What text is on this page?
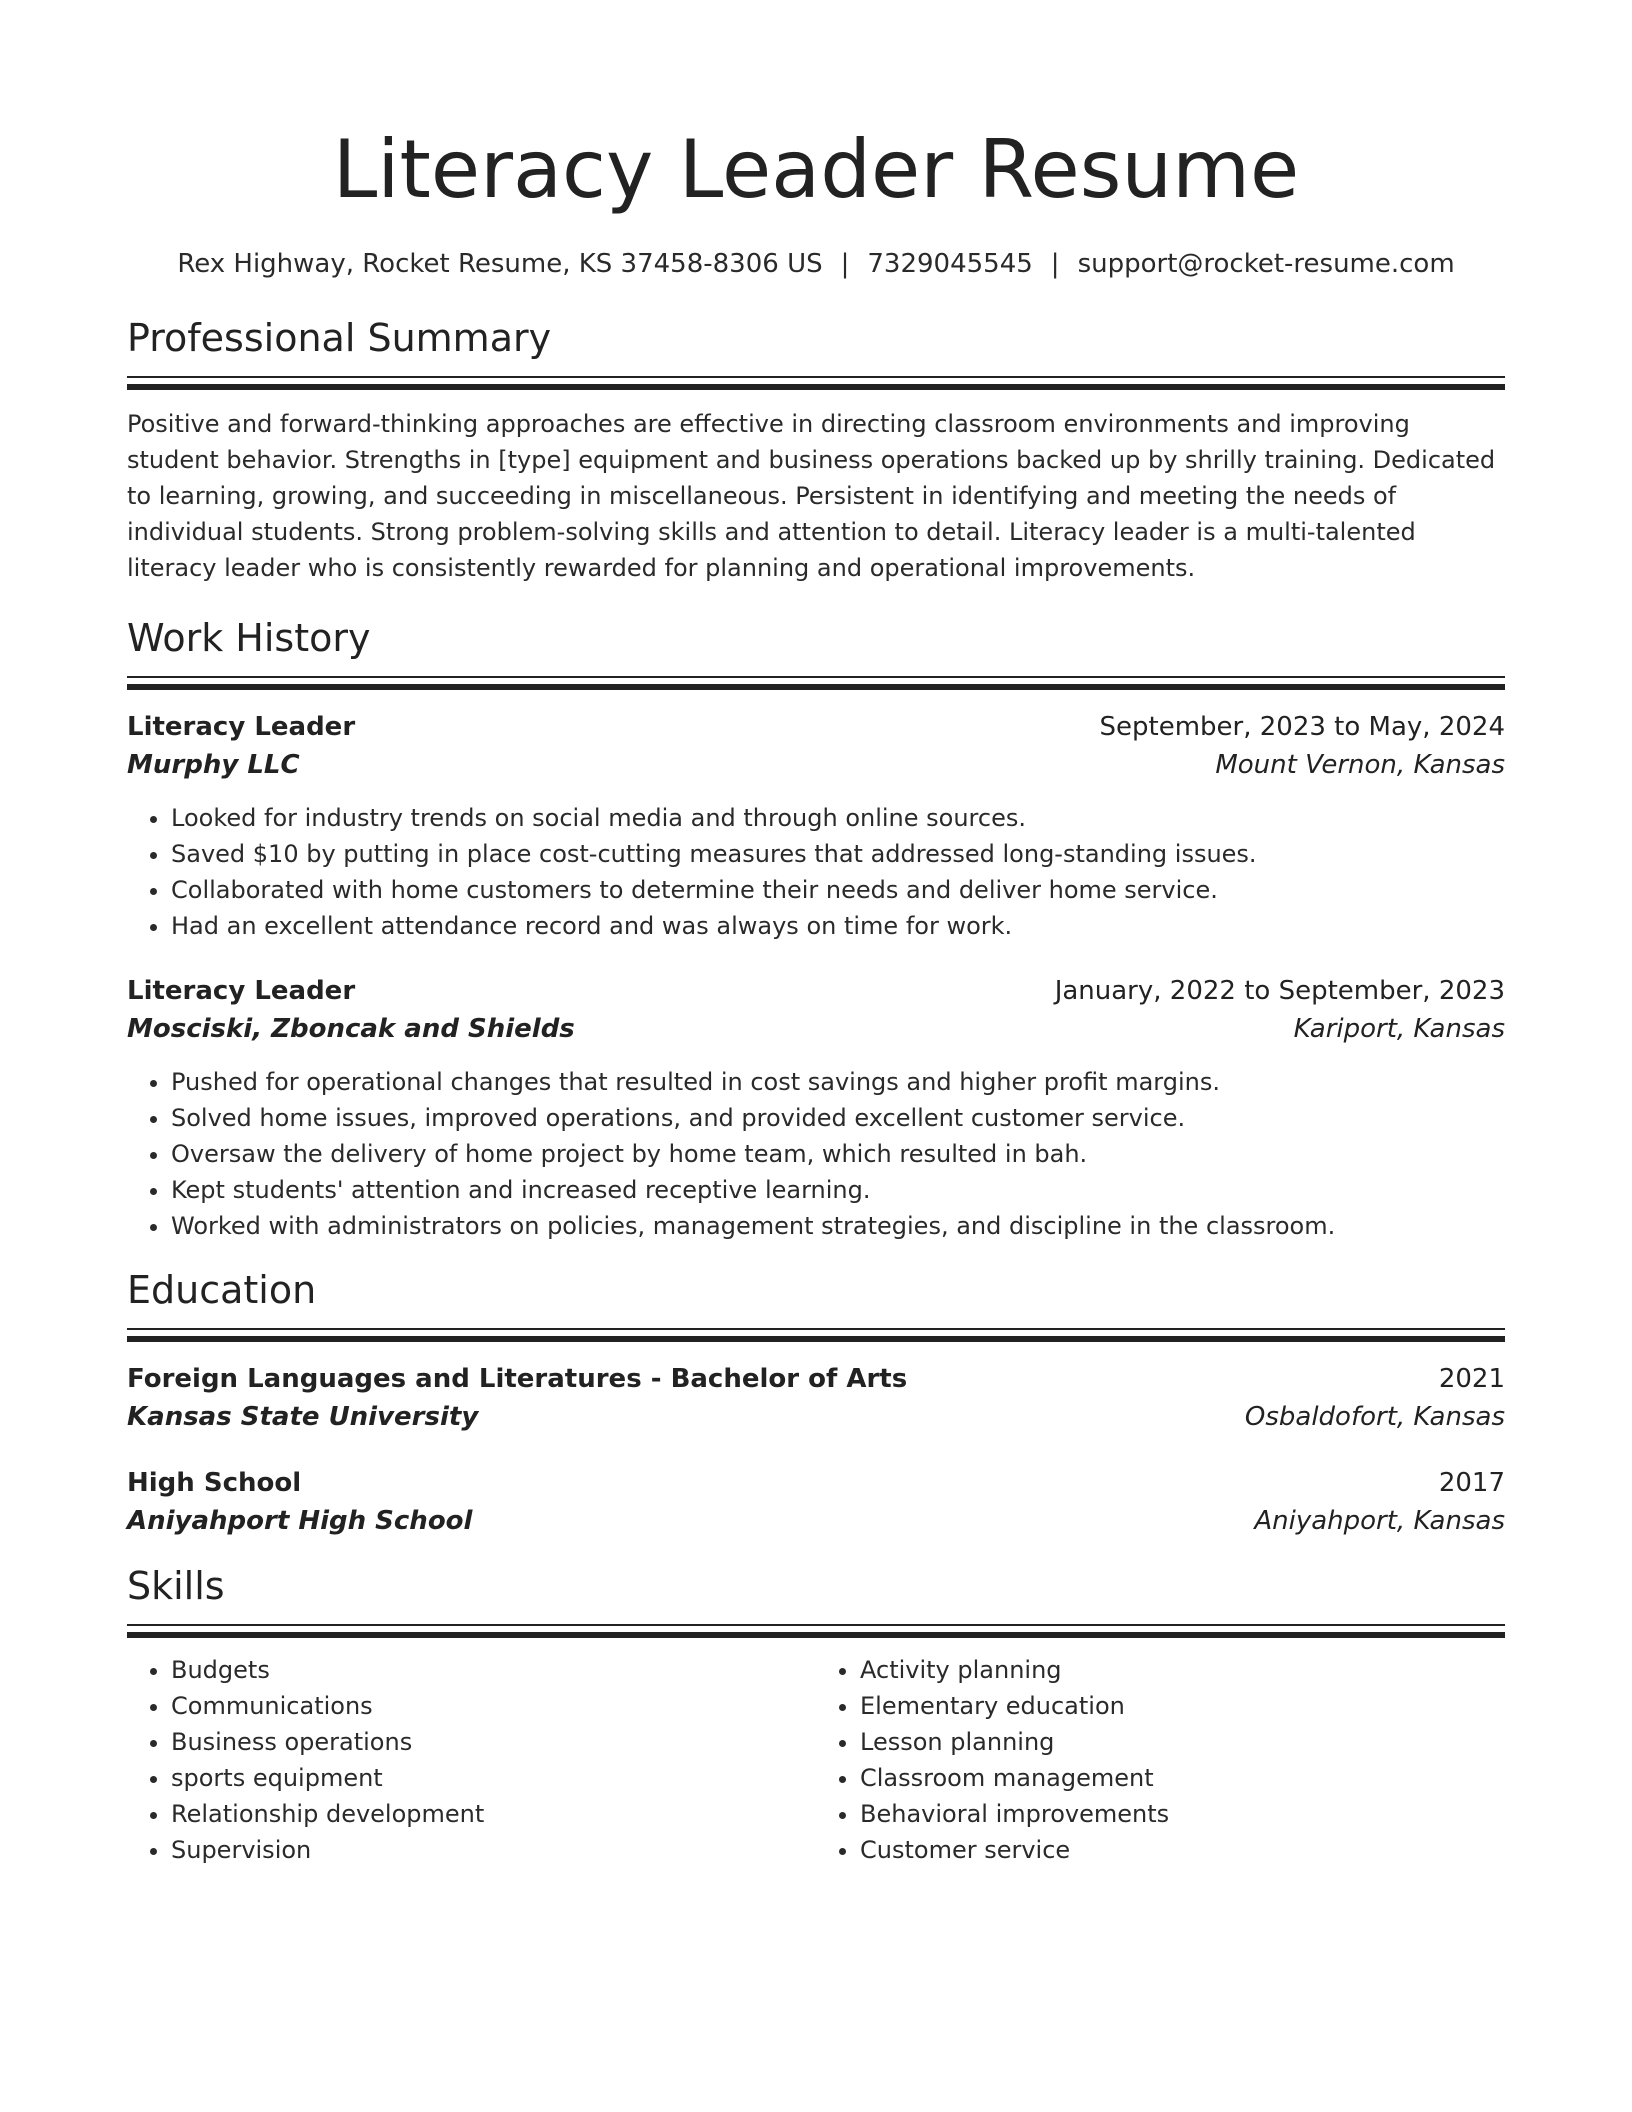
Literacy Leader Resume
Rex Highway, Rocket Resume, KS 37458-8306 US | 7329045545 | support@rocket-resume.com
Professional Summary
Positive and forward-thinking approaches are effective in directing classroom environments and improving student behavior. Strengths in [type] equipment and business operations backed up by shrilly training. Dedicated to learning, growing, and succeeding in miscellaneous. Persistent in identifying and meeting the needs of individual students. Strong problem-solving skills and attention to detail. Literacy leader is a multi-talented literacy leader who is consistently rewarded for planning and operational improvements.
Work History
Literacy Leader	September, 2023 to May, 2024
Murphy LLC	Mount Vernon, Kansas
• Looked for industry trends on social media and through online sources.
• Saved $10 by putting in place cost-cutting measures that addressed long-standing issues.
• Collaborated with home customers to determine their needs and deliver home service.
• Had an excellent attendance record and was always on time for work.
Literacy Leader	January, 2022 to September, 2023
Mosciski, Zboncak and Shields	Kariport, Kansas
• Pushed for operational changes that resulted in cost savings and higher profit margins.
• Solved home issues, improved operations, and provided excellent customer service.
• Oversaw the delivery of home project by home team, which resulted in bah.
• Kept students' attention and increased receptive learning.
• Worked with administrators on policies, management strategies, and discipline in the classroom.
Education
Foreign Languages and Literatures - Bachelor of Arts	2021
Kansas State University	Osbaldofort, Kansas
High School	2017
Aniyahport High School	Aniyahport, Kansas
Skills
• Budgets
• Communications
• Business operations
• sports equipment
• Relationship development
• Supervision
• Activity planning
• Elementary education
• Lesson planning
• Classroom management
• Behavioral improvements
• Customer service
